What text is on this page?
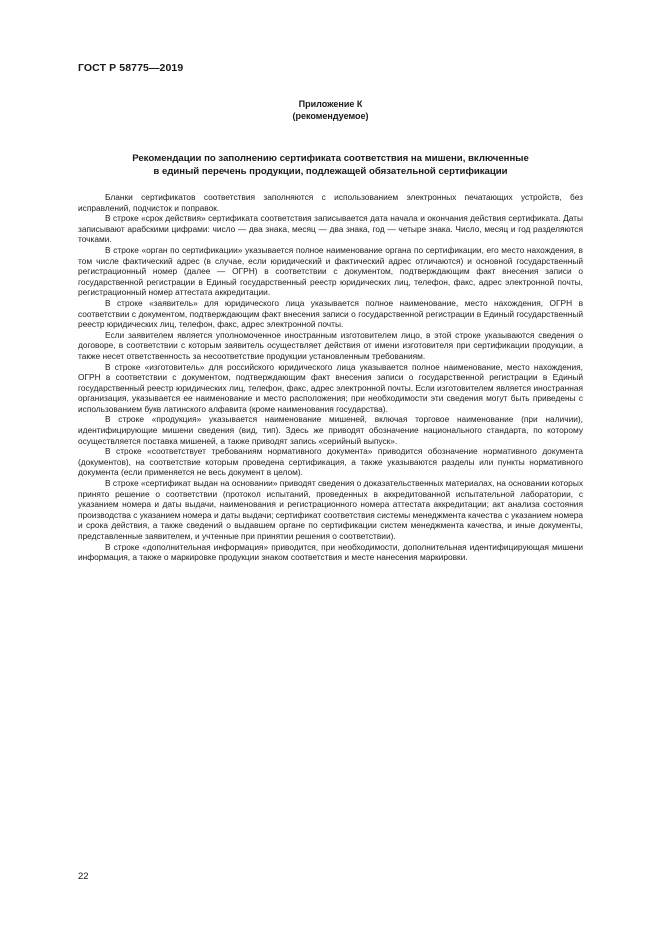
ГОСТ Р 58775—2019
Приложение К
(рекомендуемое)
Рекомендации по заполнению сертификата соответствия на мишени, включенные
в единый перечень продукции, подлежащей обязательной сертификации

Бланки сертификатов соответствия заполняются с использованием электронных печатающих устройств, без исправлений, подчисток и поправок.

В строке «срок действия» сертификата соответствия записывается дата начала и окончания действия сертификата. Даты записывают арабскими цифрами: число — два знака, месяц — два знака, год — четыре знака. Число, месяц и год разделяются точками.

В строке «орган по сертификации» указывается полное наименование органа по сертификации, его место нахождения, в том числе фактический адрес (в случае, если юридический и фактический адрес отличаются) и основной государственный регистрационный номер (далее — ОГРН) в соответствии с документом, подтверждающим факт внесения записи о государственной регистрации в Единый государственный реестр юридических лиц, телефон, факс, адрес электронной почты, регистрационный номер аттестата аккредитации.

В строке «заявитель» для юридического лица указывается полное наименование, место нахождения, ОГРН в соответствии с документом, подтверждающим факт внесения записи о государственной регистрации в Единый государственный реестр юридических лиц, телефон, факс, адрес электронной почты.

Если заявителем является уполномоченное иностранным изготовителем лицо, в этой строке указываются сведения о договоре, в соответствии с которым заявитель осуществляет действия от имени изготовителя при сертификации продукции, а также несет ответственность за несоответствие продукции установленным требованиям.

В строке «изготовитель» для российского юридического лица указывается полное наименование, место нахождения, ОГРН в соответствии с документом, подтверждающим факт внесения записи о государственной регистрации в Единый государственный реестр юридических лиц, телефон, факс, адрес электронной почты. Если изготовителем является иностранная организация, указывается ее наименование и место расположения; при необходимости эти сведения могут быть приведены с использованием букв латинского алфавита (кроме наименования государства).

В строке «продукция» указывается наименование мишеней, включая торговое наименование (при наличии), идентифицирующие мишени сведения (вид, тип). Здесь же приводят обозначение национального стандарта, по которому осуществляется поставка мишеней, а также приводят запись «серийный выпуск».

В строке «соответствует требованиям нормативного документа» приводится обозначение нормативного документа (документов), на соответствие которым проведена сертификация, а также указываются разделы или пункты нормативного документа (если применяется не весь документ в целом).

В строке «сертификат выдан на основании» приводят сведения о доказательственных материалах, на основании которых принято решение о соответствии (протокол испытаний, проведенных в аккредитованной испытательной лаборатории, с указанием номера и даты выдачи, наименования и регистрационного номера аттестата аккредитации; акт анализа состояния производства с указанием номера и даты выдачи; сертификат соответствия системы менеджмента качества с указанием номера и срока действия, а также сведений о выдавшем органе по сертификации систем менеджмента качества, и иные документы, представленные заявителем, и учтенные при принятии решения о соответствии).

В строке «дополнительная информация» приводится, при необходимости, дополнительная идентифицирующая мишени информация, а также о маркировке продукции знаком соответствия и месте нанесения маркировки.

22
